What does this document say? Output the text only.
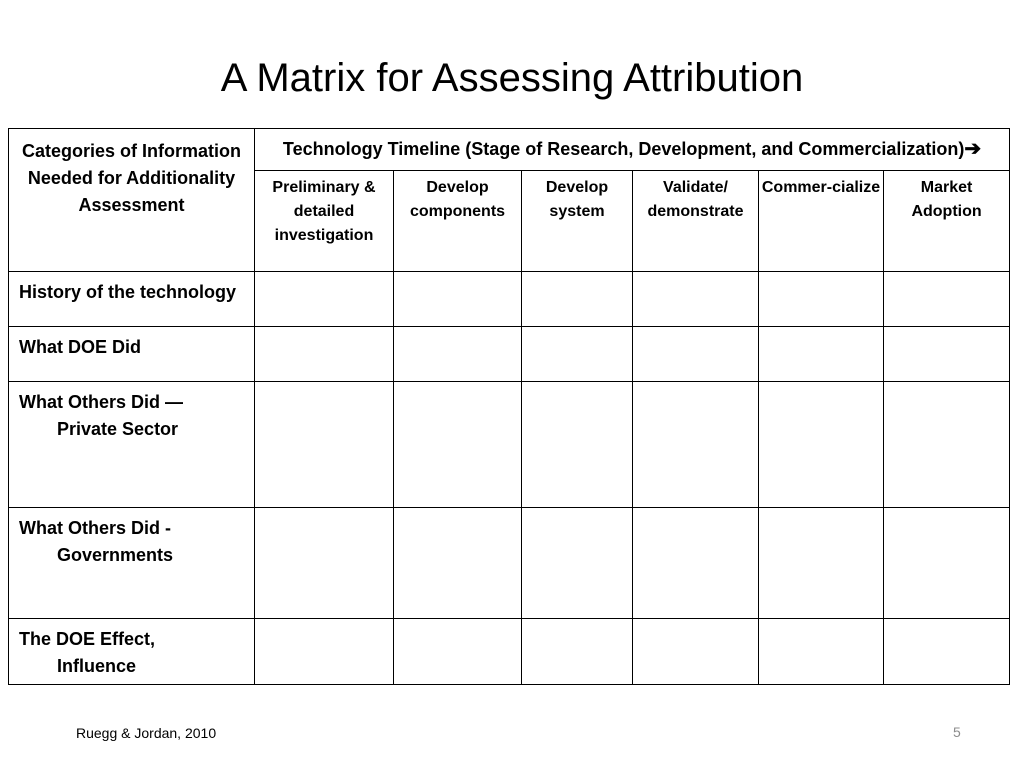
A Matrix for Assessing Attribution
Categories of Information Needed for Additionality Assessment	Technology Timeline (Stage of Research, Development, and Commercialization)➔					
	Preliminary & detailed investigation	Develop components	Develop system	Validate/ demonstrate	Commer-cialize	Market Adoption
History of the technology						
What DOE Did						
What Others Did —
Private Sector						

What Others Did -
Governments						

The DOE Effect,
Influence						

Ruegg & Jordan, 2010	5
